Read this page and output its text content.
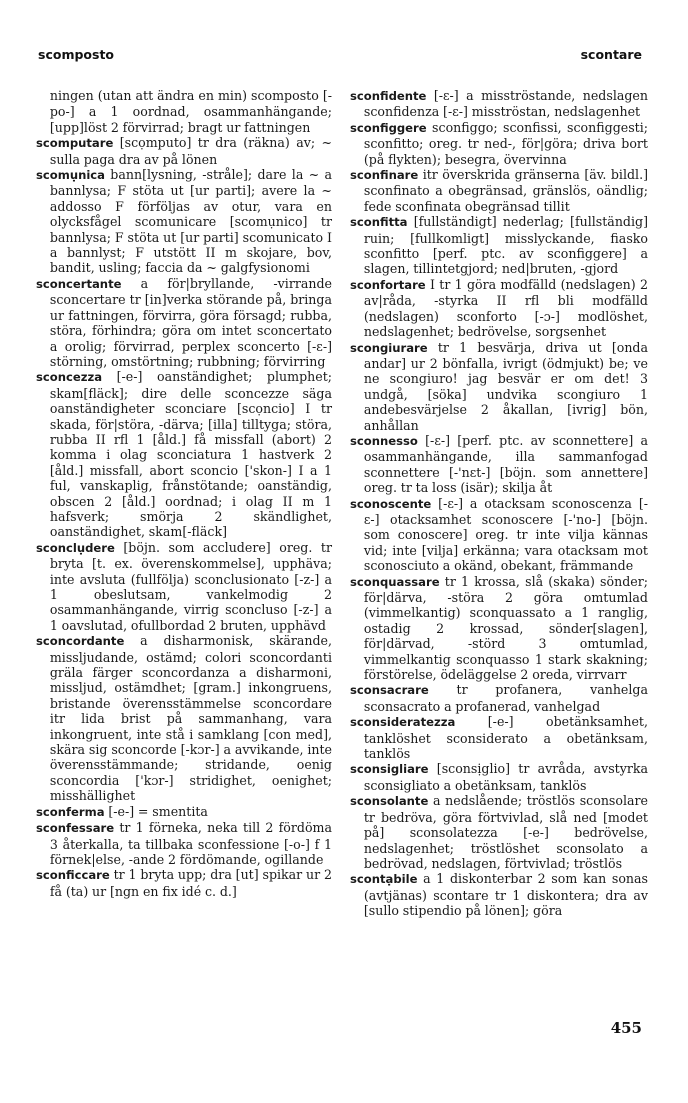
scomposto	scontare

ningen (utan att ändra en min) scomposto [-po-] a 1 oordnad, osammanhängande; [upp]löst 2 förvirrad; bragt ur fattningen

scomputare [scọmputo] tr dra (räkna) av; ~ sulla paga dra av på lönen

scomụnica bann[lysning, -stråle]; dare la ~ a bannlysa; F stöta ut [ur parti]; avere la ~ addosso F förföljas av otur, vara en olycksfågel scomunicare [scomụnico] tr bannlysa; F stöta ut [ur parti] scomunicato I a bannlyst; F utstött II m skojare, bov, bandit, usling; faccia da ~ galgfysionomi

sconcertante a för|bryllande, -virrande sconcertare tr [in]verka störande på, bringa ur fattningen, förvirra, göra försagd; rubba, störa, förhindra; göra om intet sconcertato a orolig; förvirrad, perplex sconcerto [-ɛ-] störning, omstörtning; rubbning; förvirring

sconcezza [-e-] oanständighet; plumphet; skam[fläck]; dire delle sconcezze säga oanständigheter sconciare [scọncio] I tr skada, för|störa, -därva; [illa] tilltyga; störa, rubba II rfl 1 [åld.] få missfall (abort) 2 komma i olag sconciatura 1 hastverk 2 [åld.] missfall, abort sconcio ['skon-] I a 1 ful, vanskaplig, frånstötande; oanständig, obscen 2 [åld.] oordnad; i olag II m 1 hafsverk; smörja 2 skändlighet, oanständighet, skam[-fläck]

sconclụdere [böjn. som accludere] oreg. tr bryta [t. ex. överenskommelse], upphäva; inte avsluta (fullfölja) sconclusionato [-z-] a 1 obeslutsam, vankelmodig 2 osammanhängande, virrig sconcluso [-z-] a 1 oavslutad, ofullbordad 2 bruten, upphävd

sconcordante a disharmonisk, skärande, missljudande, ostämd; colori sconcordanti gräla färger sconcordanza a disharmoni, missljud, ostämdhet; [gram.] inkongruens, bristande överensstämmelse sconcordare itr lida brist på sammanhang, vara inkongruent, inte stå i samklang [con med], skära sig sconcorde [-kɔr-] a avvikande, inte överensstämmande; stridande, oenig sconcordia ['kɔr-] stridighet, oenighet; misshällighet

sconferma [-e-] = smentita

sconfessare tr 1 förneka, neka till 2 fördöma 3 återkalla, ta tillbaka sconfessione [-o-] f 1 förnek|else, -ande 2 fördömande, ogillande

sconficcare tr 1 bryta upp; dra [ut] spikar ur 2 få (ta) ur [ngn en fix idé c. d.]

sconfidente [-ɛ-] a misströstande, nedslagen sconfidenza [-ɛ-] misströstan, nedslagenhet

sconfiggere sconfiggo; sconfissi, sconfiggesti; sconfitto; oreg. tr ned-, för|göra; driva bort (på flykten); besegra, övervinna

sconfinare itr överskrida gränserna [äv. bildl.] sconfinato a obegränsad, gränslös, oändlig; fede sconfinata obegränsad tillit

sconfitta [fullständigt] nederlag; [fullständig] ruin; [fullkomligt] misslyckande, fiasko sconfitto [perf. ptc. av sconfiggere] a slagen, tillintetgjord; ned|bruten, -gjord

sconfortare I tr 1 göra modfälld (nedslagen) 2 av|råda, -styrka II rfl bli modfälld (nedslagen) sconforto [-ɔ-] modlöshet, nedslagenhet; bedrövelse, sorgsenhet

scongiurare tr 1 besvärja, driva ut [onda andar] ur 2 bönfalla, ivrigt (ödmjukt) be; ve ne scongiuro! jag besvär er om det! 3 undgå, [söka] undvika scongiuro 1 andebesvärjelse 2 åkallan, [ivrig] bön, anhållan

sconnesso [-ɛ-] [perf. ptc. av sconnettere] a osammanhängande, illa sammanfogad sconnettere [-'nɛt-] [böjn. som annettere] oreg. tr ta loss (isär); skilja åt

sconoscente [-ɛ-] a otacksam sconoscenza [-ɛ-] otacksamhet sconoscere [-'no-] [böjn. som conoscere] oreg. tr inte vilja kännas vid; inte [vilja] erkänna; vara otacksam mot sconosciuto a okänd, obekant, främmande

sconquassare tr 1 krossa, slå (skaka) sönder; för|därva, -störa 2 göra omtumlad (vimmelkantig) sconquassato a 1 ranglig, ostadig 2 krossad, sönder[slagen], för|därvad, -störd 3 omtumlad, vimmelkantig sconquasso 1 stark skakning; förstörelse, ödeläggelse 2 oreda, virrvarr

sconsacrare tr profanera, vanhelga sconsacrato a profanerad, vanhelgad

sconsideratezza [-e-] obetänksamhet, tanklöshet sconsiderato a obetänksam, tanklös

sconsigliare [sconsịglio] tr avråda, avstyrka sconsigliato a obetänksam, tanklös

sconsolante a nedslående; tröstlös sconsolare tr bedröva, göra förtvivlad, slå ned [modet på] sconsolatezza [-e-] bedrövelse, nedslagenhet; tröstlöshet sconsolato a bedrövad, nedslagen, förtvivlad; tröstlös

scontạbile a 1 diskonterbar 2 som kan sonas (avtjänas) scontare tr 1 diskontera; dra av [sullo stipendio på lönen]; göra

455
